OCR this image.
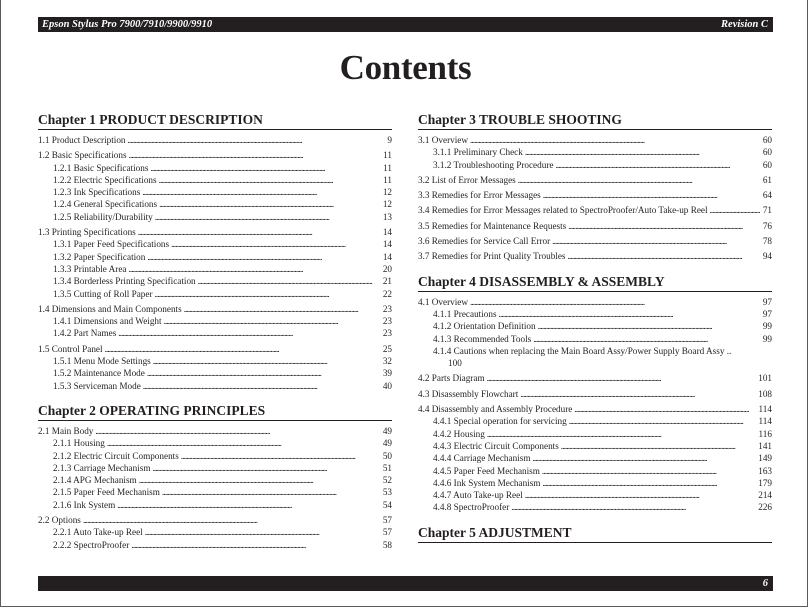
Epson Stylus Pro 7900/7910/9900/9910	Revision C
Contents
Chapter 1 PRODUCT DESCRIPTION
1.1 Product Description . . .	9
1.2 Basic Specifications . . .	11
1.2.1 Basic Specifications . . .	11
1.2.2 Electric Specifications . . .	11
1.2.3 Ink Specifications . . .	12
1.2.4 General Specifications . . .	12
1.2.5 Reliability/Durability . . .	13
1.3 Printing Specifications . . .	14
1.3.1 Paper Feed Specifications . . .	14
1.3.2 Paper Specification . . .	14
1.3.3 Printable Area . . .	20
1.3.4 Borderless Printing Specification . . .	21
1.3.5 Cutting of Roll Paper . . .	22
1.4 Dimensions and Main Components . . .	23
1.4.1 Dimensions and Weight . . .	23
1.4.2 Part Names . . .	23
1.5 Control Panel . . .	25
1.5.1 Menu Mode Settings . . .	32
1.5.2 Maintenance Mode . . .	39
1.5.3 Serviceman Mode . . .	40
Chapter 2 OPERATING PRINCIPLES
2.1 Main Body . . .	49
2.1.1 Housing . . .	49
2.1.2 Electric Circuit Components . . .	50
2.1.3 Carriage Mechanism . . .	51
2.1.4 APG Mechanism . . .	52
2.1.5 Paper Feed Mechanism . . .	53
2.1.6 Ink System . . .	54
2.2 Options . . .	57
2.2.1 Auto Take-up Reel . . .	57
2.2.2 SpectroProofer . . .	58
Chapter 3 TROUBLE SHOOTING
3.1 Overview . . .	60
3.1.1 Preliminary Check . . .	60
3.1.2 Troubleshooting Procedure . . .	60
3.2 List of Error Messages . . .	61
3.3 Remedies for Error Messages . . .	64
3.4 Remedies for Error Messages related to SpectroProofer/Auto Take-up Reel . . .	71
3.5 Remedies for Maintenance Requests . . .	76
3.6 Remedies for Service Call Error . . .	78
3.7 Remedies for Print Quality Troubles . . .	94
Chapter 4 DISASSEMBLY & ASSEMBLY
4.1 Overview . . .	97
4.1.1 Precautions . . .	97
4.1.2 Orientation Definition . . .	99
4.1.3 Recommended Tools . . .	99
4.1.4 Cautions when replacing the Main Board Assy/Power Supply Board Assy ..
100
4.2 Parts Diagram . . .	101
4.3 Disassembly Flowchart . . .	108
4.4 Disassembly and Assembly Procedure . . .	114
4.4.1 Special operation for servicing . . .	114
4.4.2 Housing . . .	116
4.4.3 Electric Circuit Components . . .	141
4.4.4 Carriage Mechanism . . .	149
4.4.5 Paper Feed Mechanism . . .	163
4.4.6 Ink System Mechanism . . .	179
4.4.7 Auto Take-up Reel . . .	214
4.4.8 SpectroProofer . . .	226
Chapter 5 ADJUSTMENT
6
